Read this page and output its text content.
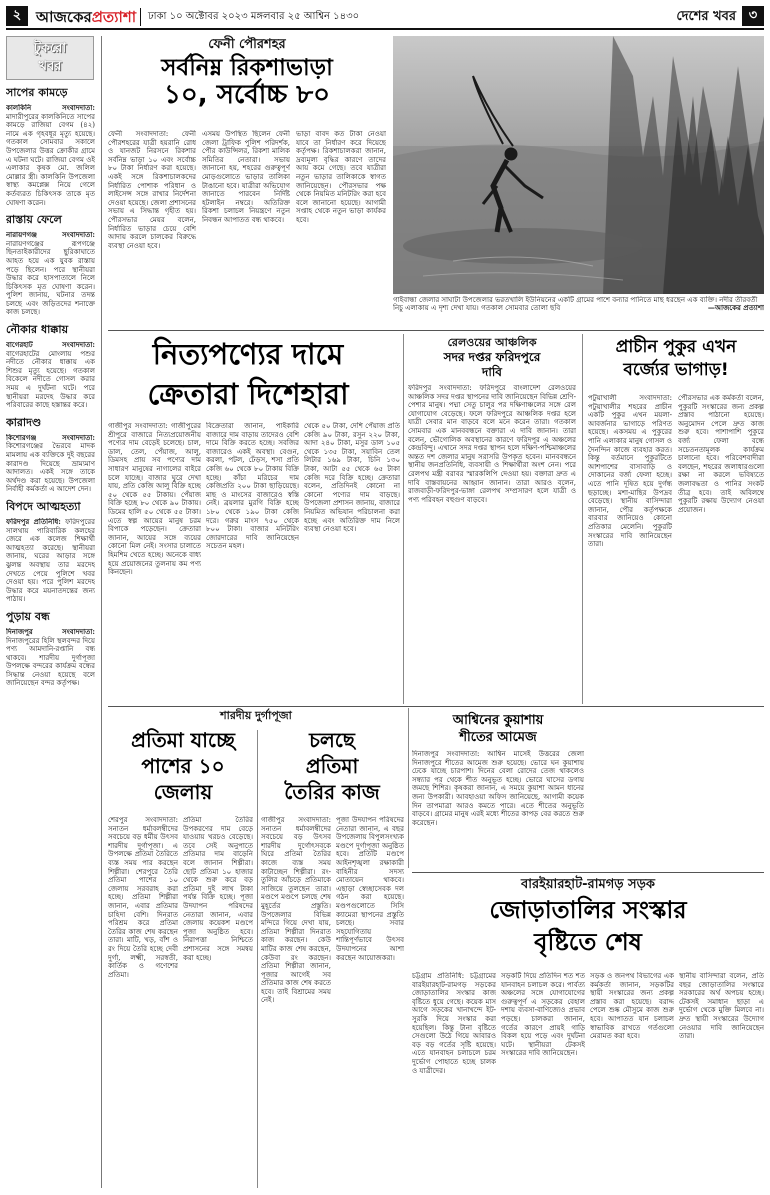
২ আজকেরপ্রত্যাশা ঢাকা ১০ অক্টোবর ২০২৩ মঙ্গলবার ২৫ আশ্বিন ১৪৩০	দেশের খবর ৩
টুকরো
খবর
সাপের কামড়ে
কালকিনি সংবাদদাতা: মাদারীপুরের কালকিনিতে সাপের কামড়ে রাজিয়া বেগম (৪২) নামে এক গৃহবধূর মৃত্যু হয়েছে। গতকাল সোমবার সকালে উপজেলার উত্তর ক্রোকীর গ্রামে এ ঘটনা ঘটে। রাজিয়া বেগম ওই এলাকার কৃষক মো. জলিল মোল্লার স্ত্রী। কালকিনি উপজেলা স্বাস্থ্য কমপ্লেক্স নিয়ে গেলে কর্তব্যরত চিকিৎসক তাকে মৃত ঘোষণা করেন।
রাস্তায় ফেলে
নারায়ণগঞ্জ সংবাদদাতা: নারায়ণগঞ্জের রূপগঞ্জে ছিনতাইকারীদের ছুরিকাঘাতে আহত হয়ে এক যুবক রাস্তায় পড়ে ছিলেন। পরে স্থানীয়রা উদ্ধার করে হাসপাতালে নিলে চিকিৎসক মৃত ঘোষণা করেন। পুলিশ জানায়, ঘটনার তদন্ত চলছে এবং জড়িতদের শনাক্তে কাজ চলছে।
নৌকার ধাক্কায়
বাগেরহাট সংবাদদাতা: বাগেরহাটের মোংলায় পশুর নদীতে নৌকার ধাক্কায় এক শিশুর মৃত্যু হয়েছে। গতকাল বিকেলে নদীতে গোসল করার সময় এ দুর্ঘটনা ঘটে। পরে স্থানীয়রা মরদেহ উদ্ধার করে পরিবারের কাছে হস্তান্তর করে।
কারাদণ্ড
কিশোরগঞ্জ সংবাদদাতা: কিশোরগঞ্জের ভৈরবে মাদক মামলায় এক ব্যক্তিকে দুই বছরের কারাদণ্ড দিয়েছে ভ্রাম্যমাণ আদালত। একই সঙ্গে তাকে অর্থদণ্ড করা হয়েছে। উপজেলা নির্বাহী কর্মকর্তা এ আদেশ দেন।
বিপদে আত্মহত্যা
ফরিদপুর প্রতিনিধি: ফরিদপুরের সালথায় পারিবারিক কলহের জেরে এক কলেজ শিক্ষার্থী আত্মহত্যা করেছে। স্থানীয়রা জানায়, ঘরের আড়ার সঙ্গে ঝুলন্ত অবস্থায় তার মরদেহ দেখতে পেয়ে পুলিশে খবর দেওয়া হয়। পরে পুলিশ মরদেহ উদ্ধার করে ময়নাতদন্তের জন্য পাঠায়।
পুড়ায় বন্ধ
দিনাজপুর সংবাদদাতা: দিনাজপুরের হিলি স্থলবন্দর দিয়ে পণ্য আমদানি-রপ্তানি বন্ধ থাকবে। শারদীয় দুর্গাপূজা উপলক্ষে বন্দরের কার্যক্রম বন্ধের সিদ্ধান্ত নেওয়া হয়েছে বলে জানিয়েছেন বন্দর কর্তৃপক্ষ।
ফেনী পৌরশহর
সর্বনিম্ন রিকশাভাড়া
১০, সর্বোচ্চ ৮০
ফেনী সংবাদদাতা: ফেনী পৌরশহরের যাত্রী হয়রানি রোধ ও যানজট নিরসনে রিকশার সর্বনিম্ন ভাড়া ১০ এবং সর্বোচ্চ ৮০ টাকা নির্ধারণ করা হয়েছে। একই সঙ্গে রিকশাচালকদের নির্ধারিত পোশাক পরিধান ও লাইসেন্স সঙ্গে রাখার নির্দেশনা দেওয়া হয়েছে। জেলা প্রশাসনের সভায় এ সিদ্ধান্ত গৃহীত হয়। পৌরসভার মেয়র বলেন, নির্ধারিত ভাড়ার চেয়ে বেশি আদায় করলে চালকের বিরুদ্ধে ব্যবস্থা নেওয়া হবে।
এসময় উপস্থিত ছিলেন ফেনী জেলা ট্রাফিক পুলিশ পরিদর্শক, পৌর কাউন্সিলর, রিকশা মালিক সমিতির নেতারা। সভায় জানানো হয়, শহরের গুরুত্বপূর্ণ মোড়গুলোতে ভাড়ার তালিকা টাঙানো হবে। যাত্রীরা অভিযোগ জানাতে পারবেন নির্দিষ্ট হটলাইন নম্বরে। অতিরিক্ত রিকশা চলাচল নিয়ন্ত্রণে নতুন নিবন্ধন আপাতত বন্ধ থাকবে।
ভাড়া বাবদ কত টাকা নেওয়া যাবে তা নির্ধারণ করে দিয়েছে কর্তৃপক্ষ। রিকশাচালকরা জানান, দ্রব্যমূল্য বৃদ্ধির কারণে তাদের আয় কমে গেছে। তবে যাত্রীরা নতুন ভাড়ার তালিকাকে স্বাগত জানিয়েছেন। পৌরসভার পক্ষ থেকে নিয়মিত মনিটরিং করা হবে বলে জানানো হয়েছে। আগামী সপ্তাহ থেকে নতুন ভাড়া কার্যকর হবে।
গাইবান্ধা জেলার সাঘাটা উপজেলার ভরতখালি ইউনিয়নের একটি গ্রামের পাশে বন্যার পানিতে মাছ ধরছেন এক ব্যক্তি। নদীর তীরবর্তী নিচু এলাকায় এ দৃশ্য দেখা যায়। গতকাল সোমবার তোলা ছবি	—আজকের প্রত্যাশা
নিত্যপণ্যের দামে
ক্রেতারা দিশেহারা
গাজীপুর সংবাদদাতা: গাজীপুরের শ্রীপুরে বাজারে নিত্যপ্রয়োজনীয় পণ্যের দাম বেড়েই চলেছে। চাল, ডাল, তেল, পেঁয়াজ, আলু, ডিমসহ প্রায় সব পণ্যের দাম সাধারণ মানুষের নাগালের বাইরে চলে যাচ্ছে। বাজার ঘুরে দেখা যায়, প্রতি কেজি আলু বিক্রি হচ্ছে ৫০ থেকে ৫৫ টাকায়। পেঁয়াজ বিক্রি হচ্ছে ৮০ থেকে ৯০ টাকায়। ডিমের হালি ৫০ থেকে ৫৫ টাকা। এতে স্বল্প আয়ের মানুষ চরম বিপাকে পড়েছেন। ক্রেতারা জানান, আয়ের সঙ্গে ব্যয়ের কোনো মিল নেই। সংসার চালাতে হিমশিম খেতে হচ্ছে। অনেকে বাধ্য হয়ে প্রয়োজনের তুলনায় কম পণ্য কিনছেন।
বিক্রেতারা জানান, পাইকারি বাজারে দাম বাড়ায় তাদেরও বেশি দামে বিক্রি করতে হচ্ছে। সবজির বাজারেও একই অবস্থা। বেগুন, করলা, পটল, ঢেঁড়স, শসা প্রতি কেজি ৬০ থেকে ৮০ টাকায় বিক্রি হচ্ছে। কাঁচা মরিচের দাম কেজিপ্রতি ২০০ টাকা ছাড়িয়েছে। মাছ ও মাংসের বাজারেও স্বস্তি নেই। ব্রয়লার মুরগি বিক্রি হচ্ছে ১৮০ থেকে ১৯০ টাকা কেজি দরে। গরুর মাংস ৭৫০ থেকে ৮০০ টাকা। বাজার মনিটরিং জোরদারের দাবি জানিয়েছেন সচেতন মহল।
থেকে ৫০ টাকা, দেশি পেঁয়াজ প্রতি কেজি ৯০ টাকা, রসুন ২২০ টাকা, আদা ২৪০ টাকা, মসুর ডাল ১০৫ থেকে ১৩৫ টাকা, সয়াবিন তেল লিটার ১৬৯ টাকা, চিনি ১৩০ টাকা, আটা ৫৫ থেকে ৬৫ টাকা কেজি দরে বিক্রি হচ্ছে। ক্রেতারা বলেন, প্রতিদিনই কোনো না কোনো পণ্যের দাম বাড়ছে। উপজেলা প্রশাসন জানায়, বাজারে নিয়মিত অভিযান পরিচালনা করা হচ্ছে এবং অতিরিক্ত দাম নিলে ব্যবস্থা নেওয়া হবে।
রেলওয়ের আঞ্চলিক
সদর দপ্তর ফরিদপুরে
দাবি
ফরিদপুর সংবাদদাতা: ফরিদপুরে বাংলাদেশ রেলওয়ের আঞ্চলিক সদর দপ্তর স্থাপনের দাবি জানিয়েছেন বিভিন্ন শ্রেণি-পেশার মানুষ। পদ্মা সেতু চালুর পর দক্ষিণাঞ্চলের সঙ্গে রেল যোগাযোগ বেড়েছে। ফলে ফরিদপুরে আঞ্চলিক দপ্তর হলে যাত্রী সেবার মান বাড়বে বলে মনে করেন তারা। গতকাল সোমবার এক মানববন্ধনে বক্তারা এ দাবি জানান। তারা বলেন, ভৌগোলিক অবস্থানের কারণে ফরিদপুর এ অঞ্চলের কেন্দ্রবিন্দু। এখানে সদর দপ্তর স্থাপন হলে দক্ষিণ-পশ্চিমাঞ্চলের অন্তত দশ জেলার মানুষ সরাসরি উপকৃত হবেন। মানববন্ধনে স্থানীয় জনপ্রতিনিধি, ব্যবসায়ী ও শিক্ষার্থীরা অংশ নেন। পরে রেলপথ মন্ত্রী বরাবর স্মারকলিপি দেওয়া হয়। বক্তারা দ্রুত এ দাবি বাস্তবায়নের আহ্বান জানান। তারা আরও বলেন, রাজবাড়ী-ফরিদপুর-ভাঙ্গা রেলপথ সম্প্রসারণ হলে যাত্রী ও পণ্য পরিবহন বহুগুণ বাড়বে।
প্রাচীন পুকুর এখন
বর্জ্যের ভাগাড়!
পটুয়াখালী সংবাদদাতা: পটুয়াখালীর শহরের প্রাচীন একটি পুকুর এখন ময়লা-আবর্জনার ভাগাড়ে পরিণত হয়েছে। একসময় এ পুকুরের পানি এলাকার মানুষ গোসল ও দৈনন্দিন কাজে ব্যবহার করত। কিন্তু বর্তমানে পুকুরটিতে আশপাশের বাসাবাড়ি ও দোকানের বর্জ্য ফেলা হচ্ছে। এতে পানি দূষিত হয়ে দুর্গন্ধ ছড়াচ্ছে। মশা-মাছির উপদ্রব বেড়েছে। স্থানীয় বাসিন্দারা জানান, পৌর কর্তৃপক্ষকে বারবার জানিয়েও কোনো প্রতিকার মেলেনি। পুকুরটি সংস্কারের দাবি জানিয়েছেন তারা।
পৌরসভার এক কর্মকর্তা বলেন, পুকুরটি সংস্কারের জন্য প্রকল্প প্রস্তাব পাঠানো হয়েছে। অনুমোদন পেলে দ্রুত কাজ শুরু হবে। পাশাপাশি পুকুরে বর্জ্য ফেলা বন্ধে সচেতনতামূলক কার্যক্রম চালানো হবে। পরিবেশবাদীরা বলছেন, শহরের জলাধারগুলো রক্ষা না করলে ভবিষ্যতে জলাবদ্ধতা ও পানির সংকট তীব্র হবে। তাই অবিলম্বে পুকুরটি রক্ষায় উদ্যোগ নেওয়া প্রয়োজন।
শারদীয় দুর্গাপূজা
প্রতিমা যাচ্ছে
পাশের ১০
জেলায়
চলছে
প্রতিমা
তৈরির কাজ
শেরপুর সংবাদদাতা: সনাতন ধর্মাবলম্বীদের সবচেয়ে বড় ধর্মীয় উৎসব শারদীয় দুর্গাপূজা। এ উপলক্ষে প্রতিমা তৈরিতে ব্যস্ত সময় পার করছেন শিল্পীরা। শেরপুরে তৈরি প্রতিমা পাশের ১০ জেলায় সরবরাহ করা হচ্ছে। প্রতিমা শিল্পীরা জানান, এবার প্রতিমার চাহিদা বেশি। দিনরাত পরিশ্রম করে প্রতিমা তৈরির কাজ শেষ করছেন তারা। মাটি, খড়, বাঁশ ও রং দিয়ে তৈরি হচ্ছে দেবী দুর্গা, লক্ষ্মী, সরস্বতী, কার্তিক ও গণেশের প্রতিমা।
প্রতিমা তৈরির উপকরণের দাম বেড়ে যাওয়ায় খরচও বেড়েছে। তবে সেই অনুপাতে প্রতিমার দাম বাড়েনি বলে জানান শিল্পীরা। ছোট প্রতিমা ১০ হাজার থেকে শুরু করে বড় প্রতিমা দুই লাখ টাকা পর্যন্ত বিক্রি হচ্ছে। পূজা উদযাপন পরিষদের নেতারা জানান, এবার জেলায় কয়েকশ মণ্ডপে পূজা অনুষ্ঠিত হবে। নিরাপত্তা নিশ্চিতে প্রশাসনের সঙ্গে সমন্বয় করা হচ্ছে।
গাজীপুর সংবাদদাতা: সনাতন ধর্মাবলম্বীদের সবচেয়ে বড় উৎসব শারদীয় দুর্গোৎসবকে ঘিরে প্রতিমা তৈরির কাজে ব্যস্ত সময় কাটাচ্ছেন শিল্পীরা। রং-তুলির আঁচড়ে প্রতিমাকে সাজিয়ে তুলছেন তারা। মণ্ডপে মণ্ডপে চলছে শেষ মুহূর্তের প্রস্তুতি। উপজেলার বিভিন্ন মন্দিরে গিয়ে দেখা যায়, প্রতিমা শিল্পীরা দিনরাত কাজ করছেন। কেউ মাটির কাজ শেষ করছেন, কেউবা রং করছেন। প্রতিমা শিল্পীরা জানান, পূজার আগেই সব প্রতিমার কাজ শেষ করতে হবে। তাই বিশ্রামের সময় নেই।
পূজা উদযাপন পরিষদের নেতারা জানান, এ বছর উপজেলায় বিপুলসংখ্যক মণ্ডপে দুর্গাপূজা অনুষ্ঠিত হবে। প্রতিটি মণ্ডপে আইনশৃঙ্খলা রক্ষাকারী বাহিনীর সদস্য মোতায়েন থাকবে। এছাড়া স্বেচ্ছাসেবক দল গঠন করা হয়েছে। মণ্ডপগুলোতে সিসি ক্যামেরা স্থাপনের প্রস্তুতি চলছে। সবার সহযোগিতায় শান্তিপূর্ণভাবে উৎসব উদযাপনের আশা করছেন আয়োজকরা।
আশ্বিনের কুয়াশায়
শীতের আমেজ
দিনাজপুর সংবাদদাতা: আশ্বিন মাসেই উত্তরের জেলা দিনাজপুরে শীতের আমেজ শুরু হয়েছে। ভোরে ঘন কুয়াশায় ঢেকে যাচ্ছে চারপাশ। দিনের বেলা রোদের তেজ থাকলেও সন্ধ্যার পর থেকে শীত অনুভূত হচ্ছে। ভোরে ঘাসের ডগায় জমছে শিশির। কৃষকরা জানান, এ সময়ে কুয়াশা আমন ধানের জন্য উপকারী। আবহাওয়া অফিস জানিয়েছে, আগামী কয়েক দিন তাপমাত্রা আরও কমতে পারে। এতে শীতের অনুভূতি বাড়বে। গ্রামের মানুষ এরই মধ্যে শীতের কাপড় বের করতে শুরু করেছেন।
বারইয়ারহাট-রামগড় সড়ক
জোড়াতালির সংস্কার
বৃষ্টিতে শেষ
চট্টগ্রাম প্রতিনিধি: চট্টগ্রামের বারইয়ারহাট-রামগড় সড়কের জোড়াতালির সংস্কার কাজ বৃষ্টিতে ধুয়ে গেছে। কয়েক মাস আগে সড়কের খানাখন্দে ইট-সুরকি দিয়ে সংস্কার করা হয়েছিল। কিন্তু টানা বৃষ্টিতে সেগুলো উঠে গিয়ে আবারও বড় বড় গর্তের সৃষ্টি হয়েছে। এতে যানবাহন চলাচলে চরম দুর্ভোগ পোহাতে হচ্ছে চালক ও যাত্রীদের।
সড়কটি দিয়ে প্রতিদিন শত শত যানবাহন চলাচল করে। পার্বত্য অঞ্চলের সঙ্গে যোগাযোগের গুরুত্বপূর্ণ এ সড়কের বেহাল দশায় ব্যবসা-বাণিজ্যেও প্রভাব পড়ছে। চালকরা জানান, গর্তের কারণে প্রায়ই গাড়ি বিকল হয়ে পড়ে এবং দুর্ঘটনা ঘটে। স্থানীয়রা টেকসই সংস্কারের দাবি জানিয়েছেন।
সড়ক ও জনপথ বিভাগের এক কর্মকর্তা জানান, সড়কটির স্থায়ী সংস্কারের জন্য প্রকল্প প্রস্তাব করা হয়েছে। বরাদ্দ পেলে শুষ্ক মৌসুমে কাজ শুরু হবে। আপাতত যান চলাচল স্বাভাবিক রাখতে গর্তগুলো মেরামত করা হবে।
স্থানীয় বাসিন্দারা বলেন, প্রতি বছর জোড়াতালির সংস্কারে সরকারের অর্থ অপচয় হচ্ছে। টেকসই সমাধান ছাড়া এ দুর্ভোগ থেকে মুক্তি মিলবে না। দ্রুত স্থায়ী সংস্কারের উদ্যোগ নেওয়ার দাবি জানিয়েছেন তারা।
